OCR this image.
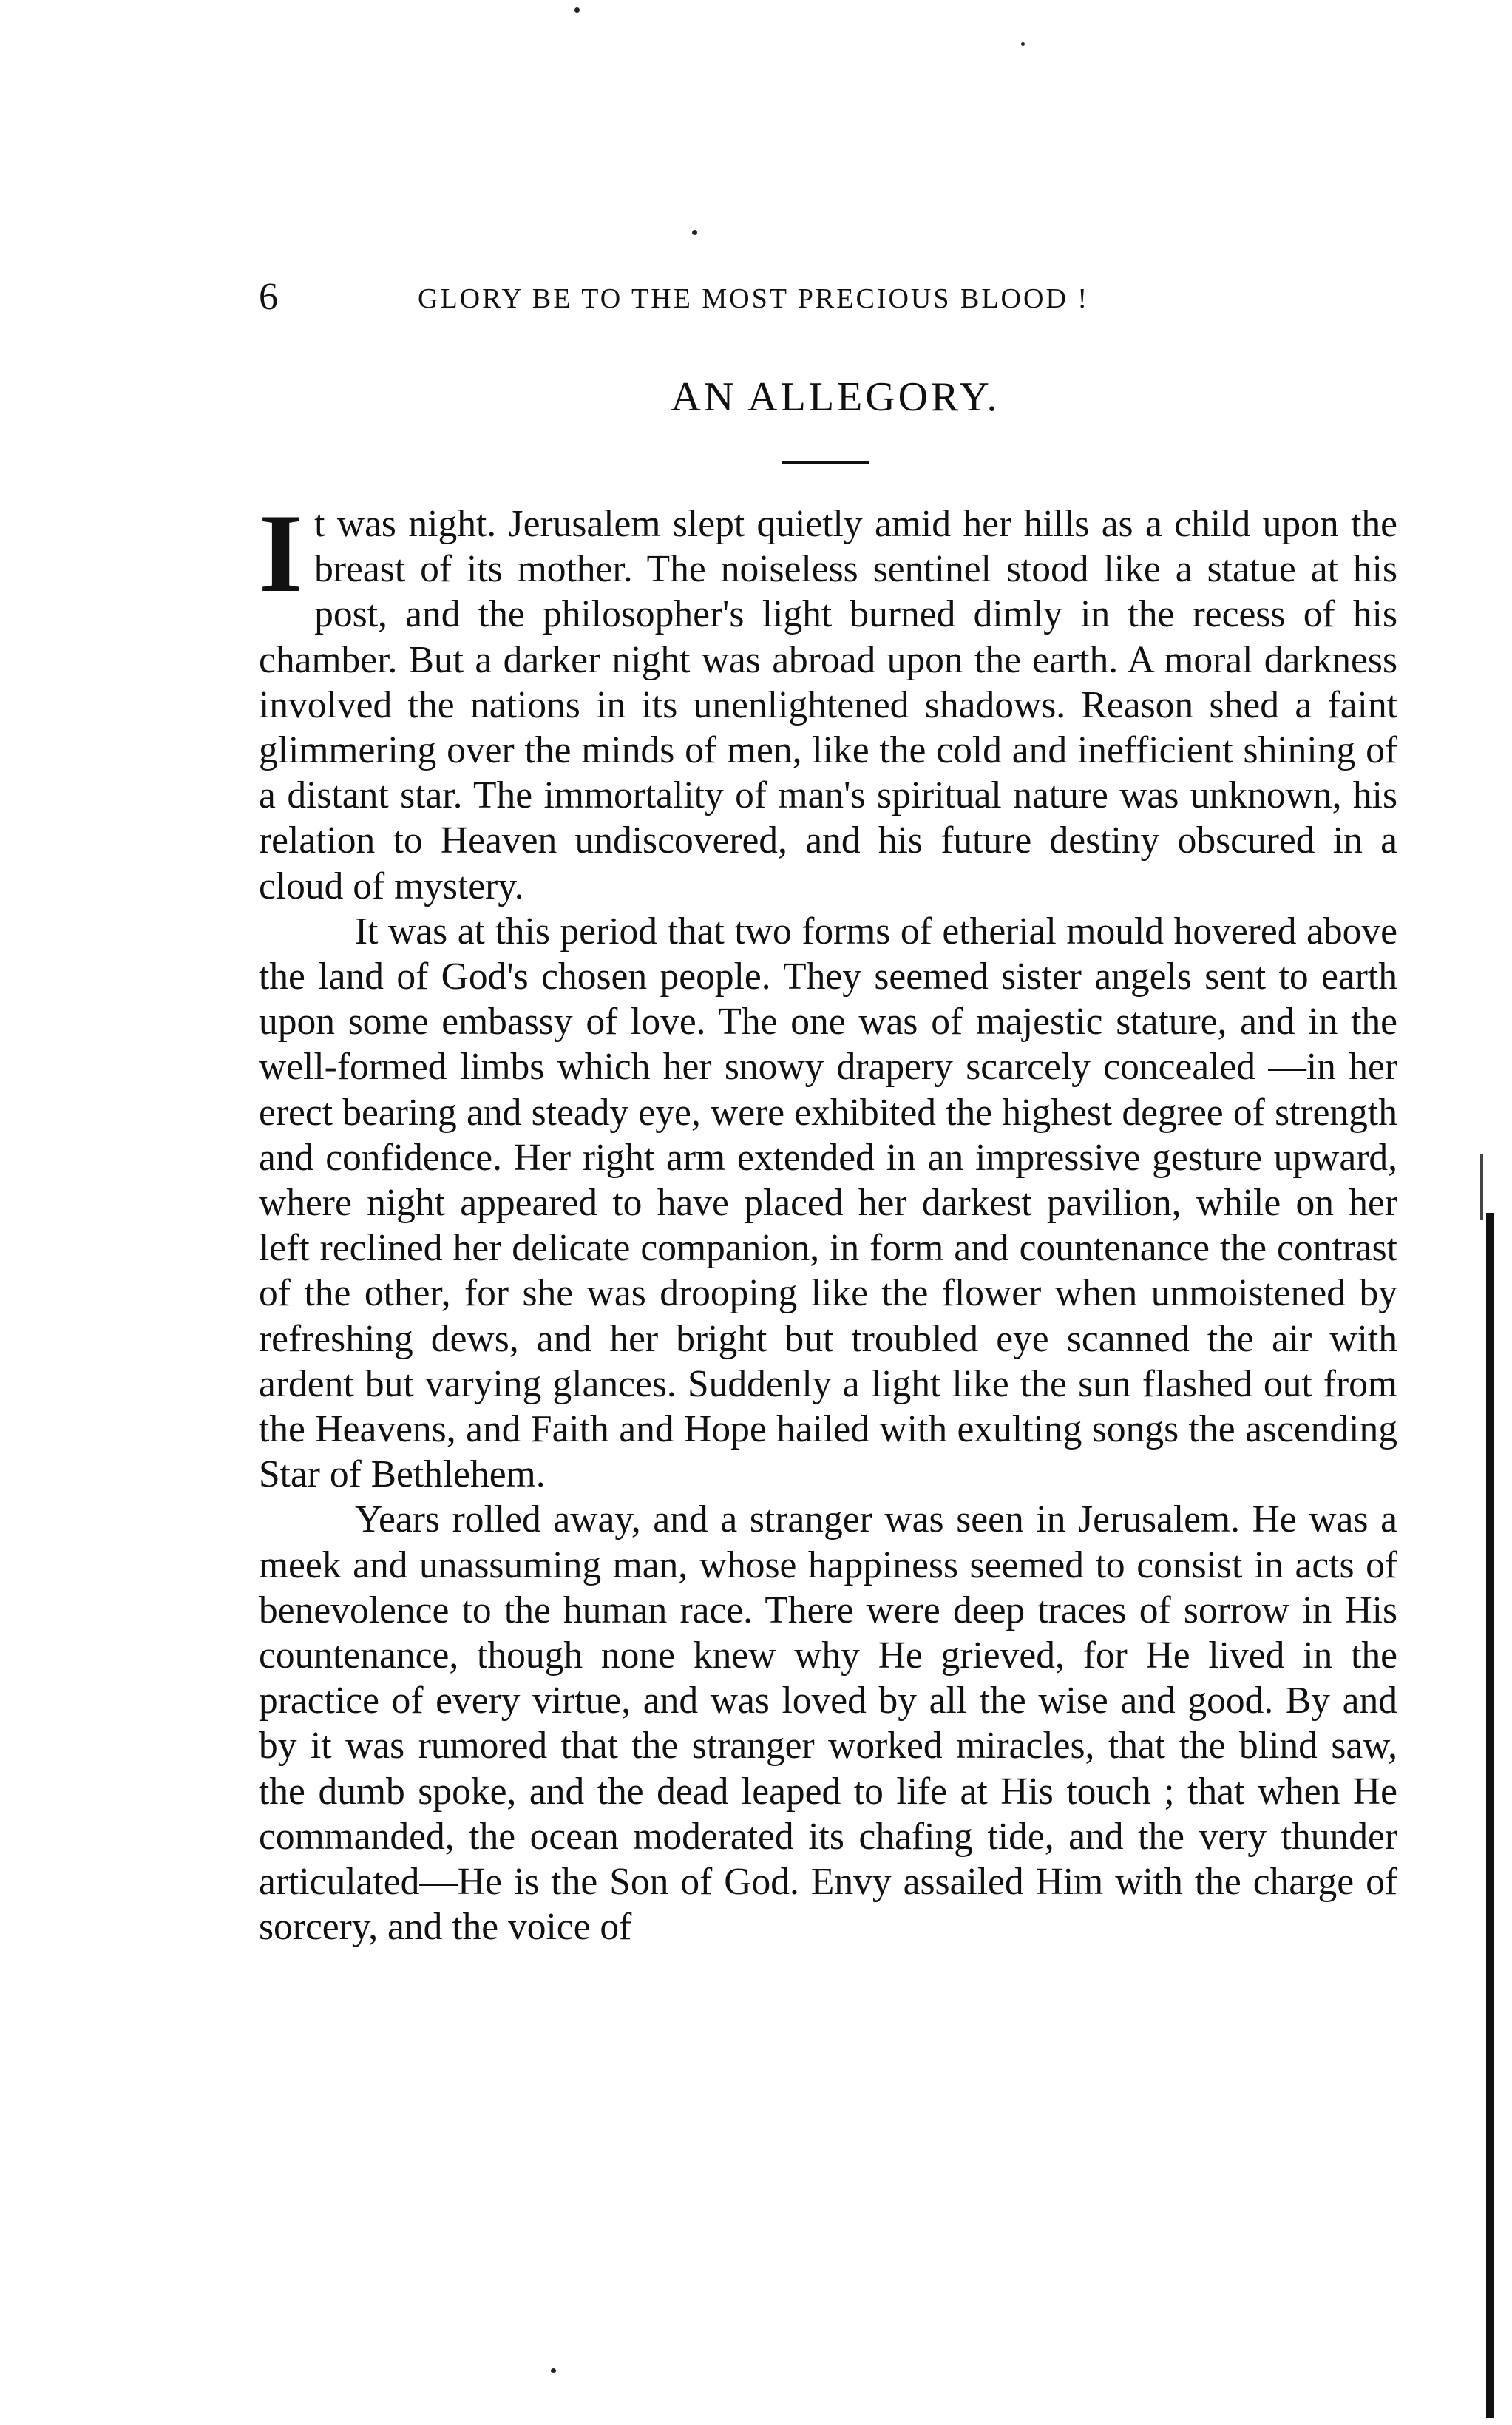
6	GLORY BE TO THE MOST PRECIOUS BLOOD !
AN ALLEGORY.

It was night. Jerusalem slept quietly amid her hills as a child upon the breast of its mother. The noiseless sentinel stood like a statue at his post, and the philosopher's light burned dimly in the recess of his chamber. But a darker night was abroad upon the earth. A moral darkness involved the nations in its unenlightened shadows. Reason shed a faint glimmering over the minds of men, like the cold and inefficient shining of a distant star. The immortality of man's spiritual nature was unknown, his relation to Heaven undiscovered, and his future destiny obscured in a cloud of mystery.

It was at this period that two forms of etherial mould hovered above the land of God's chosen people. They seemed sister angels sent to earth upon some embassy of love. The one was of majestic stature, and in the well-formed limbs which her snowy drapery scarcely concealed —in her erect bearing and steady eye, were exhibited the highest degree of strength and confidence. Her right arm extended in an impressive gesture upward, where night appeared to have placed her darkest pavilion, while on her left reclined her delicate companion, in form and countenance the contrast of the other, for she was drooping like the flower when unmoistened by refreshing dews, and her bright but troubled eye scanned the air with ardent but varying glances. Suddenly a light like the sun flashed out from the Heavens, and Faith and Hope hailed with exulting songs the ascending Star of Bethlehem.

Years rolled away, and a stranger was seen in Jerusalem. He was a meek and unassuming man, whose happiness seemed to consist in acts of benevolence to the human race. There were deep traces of sorrow in His countenance, though none knew why He grieved, for He lived in the practice of every virtue, and was loved by all the wise and good. By and by it was rumored that the stranger worked miracles, that the blind saw, the dumb spoke, and the dead leaped to life at His touch ; that when He commanded, the ocean moderated its chafing tide, and the very thunder articulated—He is the Son of God. Envy assailed Him with the charge of sorcery, and the voice of
